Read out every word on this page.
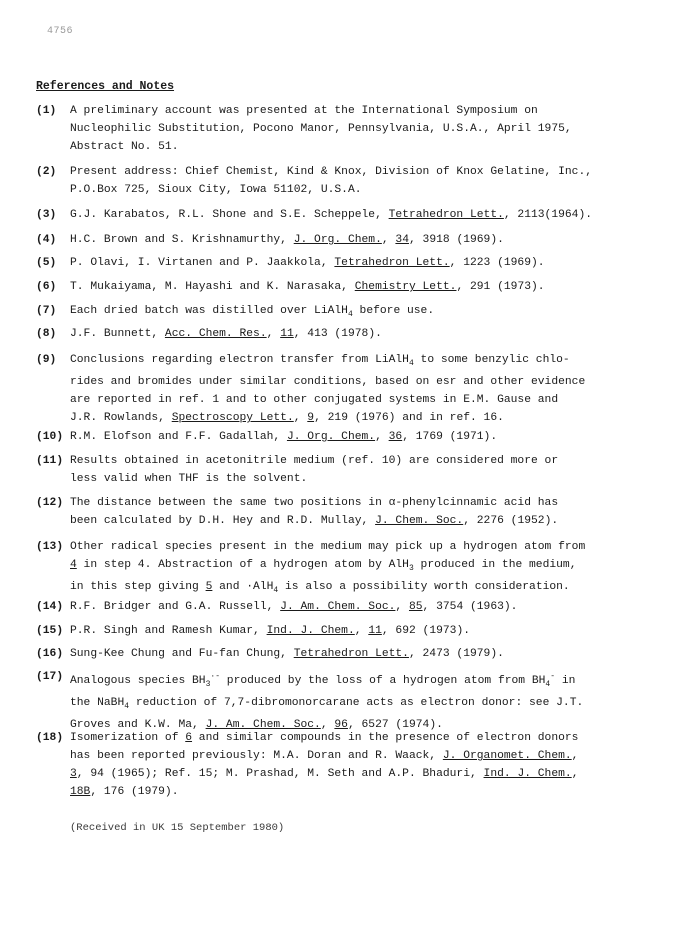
4756
References and Notes
(1)	A preliminary account was presented at the International Symposium on
Nucleophilic Substitution, Pocono Manor, Pennsylvania, U.S.A., April 1975,
Abstract No. 51.
(2)	Present address: Chief Chemist, Kind & Knox, Division of Knox Gelatine, Inc.,
P.O.Box 725, Sioux City, Iowa 51102, U.S.A.
(3)	G.J. Karabatos, R.L. Shone and S.E. Scheppele, Tetrahedron Lett., 2113(1964).
(4)	H.C. Brown and S. Krishnamurthy, J. Org. Chem., 34, 3918 (1969).
(5)	P. Olavi, I. Virtanen and P. Jaakkola, Tetrahedron Lett., 1223 (1969).
(6)	T. Mukaiyama, M. Hayashi and K. Narasaka, Chemistry Lett., 291 (1973).
(7)	Each dried batch was distilled over LiAlH$_4$ before use.
(8)	J.F. Bunnett, Acc. Chem. Res., 11, 413 (1978).
(9)	Conclusions regarding electron transfer from LiAlH$_4$ to some benzylic chlo-
rides and bromides under similar conditions, based on esr and other evidence
are reported in ref. 1 and to other conjugated systems in E.M. Gause and
J.R. Rowlands, Spectroscopy Lett., 9, 219 (1976) and in ref. 16.
(10) R.M. Elofson and F.F. Gadallah, J. Org. Chem., 36, 1769 (1971).
(11) Results obtained in acetonitrile medium (ref. 10) are considered more or
less valid when THF is the solvent.
(12) The distance between the same two positions in α-phenylcinnamic acid has
been calculated by D.H. Hey and R.D. Mullay, J. Chem. Soc., 2276 (1952).
(13) Other radical species present in the medium may pick up a hydrogen atom from
4 in step 4. Abstraction of a hydrogen atom by AlH$_3$ produced in the medium,
in this step giving 5 and ·AlH$_4$ is also a possibility worth consideration.
(14) R.F. Bridger and G.A. Russell, J. Am. Chem. Soc., 85, 3754 (1963).
(15) P.R. Singh and Ramesh Kumar, Ind. J. Chem., 11, 692 (1973).
(16) Sung-Kee Chung and Fu-fan Chung, Tetrahedron Lett., 2473 (1979).
(17) Analogous species $BH_3^{\cdot-}$ produced by the loss of a hydrogen atom from $BH_4^-$ in
the NaBH$_4$ reduction of 7,7-dibromonorcarane acts as electron donor: see J.T.
Groves and K.W. Ma, J. Am. Chem. Soc., 96, 6527 (1974).
(18) Isomerization of 6 and similar compounds in the presence of electron donors
has been reported previously: M.A. Doran and R. Waack, J. Organomet. Chem.,
3, 94 (1965); Ref. 15; M. Prashad, M. Seth and A.P. Bhaduri, Ind. J. Chem.,
18B, 176 (1979).
(Received in UK 15 September 1980)
